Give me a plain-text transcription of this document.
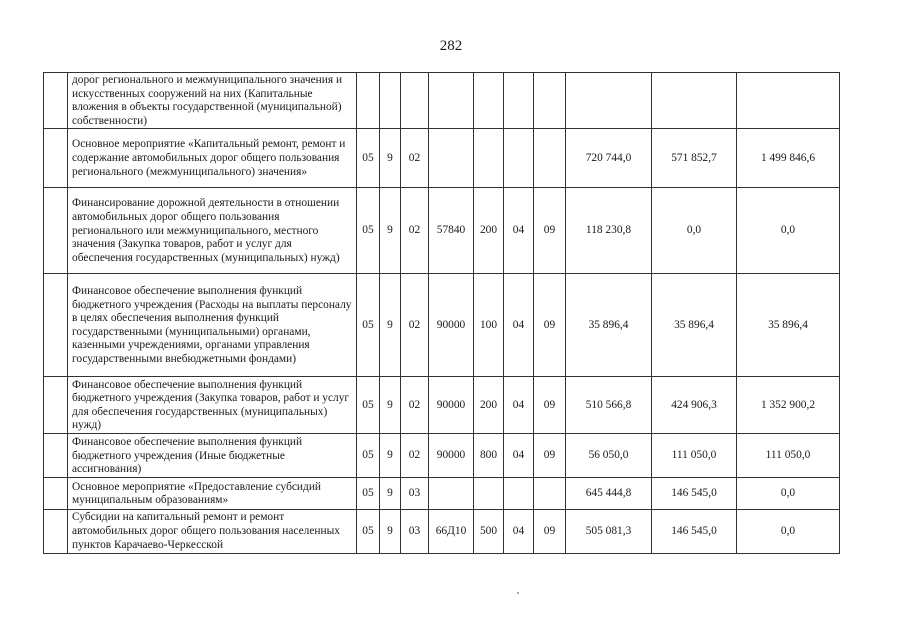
282
	дорог регионального и межмуниципального значения и искусственных сооружений на них (Капитальные вложения в объекты государственной (муниципальной) собственности)										
	Основное мероприятие «Капитальный ремонт, ремонт и содержание автомобильных дорог общего пользования регионального (межмуниципального) значения»	05	9	02					720 744,0	571 852,7	1 499 846,6
	Финансирование дорожной деятельности в отношении автомобильных дорог общего пользования регионального или межмуниципального, местного значения (Закупка товаров, работ и услуг для обеспечения государственных (муниципальных) нужд)	05	9	02	57840	200	04	09	118 230,8	0,0	0,0
	Финансовое обеспечение выполнения функций бюджетного учреждения (Расходы на выплаты персоналу в целях обеспечения выполнения функций государственными (муниципальными) органами, казенными учреждениями, органами управления государственными внебюджетными фондами)	05	9	02	90000	100	04	09	35 896,4	35 896,4	35 896,4
	Финансовое обеспечение выполнения функций бюджетного учреждения (Закупка товаров, работ и услуг для обеспечения государственных (муниципальных) нужд)	05	9	02	90000	200	04	09	510 566,8	424 906,3	1 352 900,2
	Финансовое обеспечение выполнения функций бюджетного учреждения (Иные бюджетные ассигнования)	05	9	02	90000	800	04	09	56 050,0	111 050,0	111 050,0
	Основное мероприятие «Предоставление субсидий муниципальным образованиям»	05	9	03					645 444,8	146 545,0	0,0
	Субсидии на капитальный ремонт и ремонт автомобильных дорог общего пользования населенных пунктов Карачаево-Черкесской	05	9	03	66Д10	500	04	09	505 081,3	146 545,0	0,0
